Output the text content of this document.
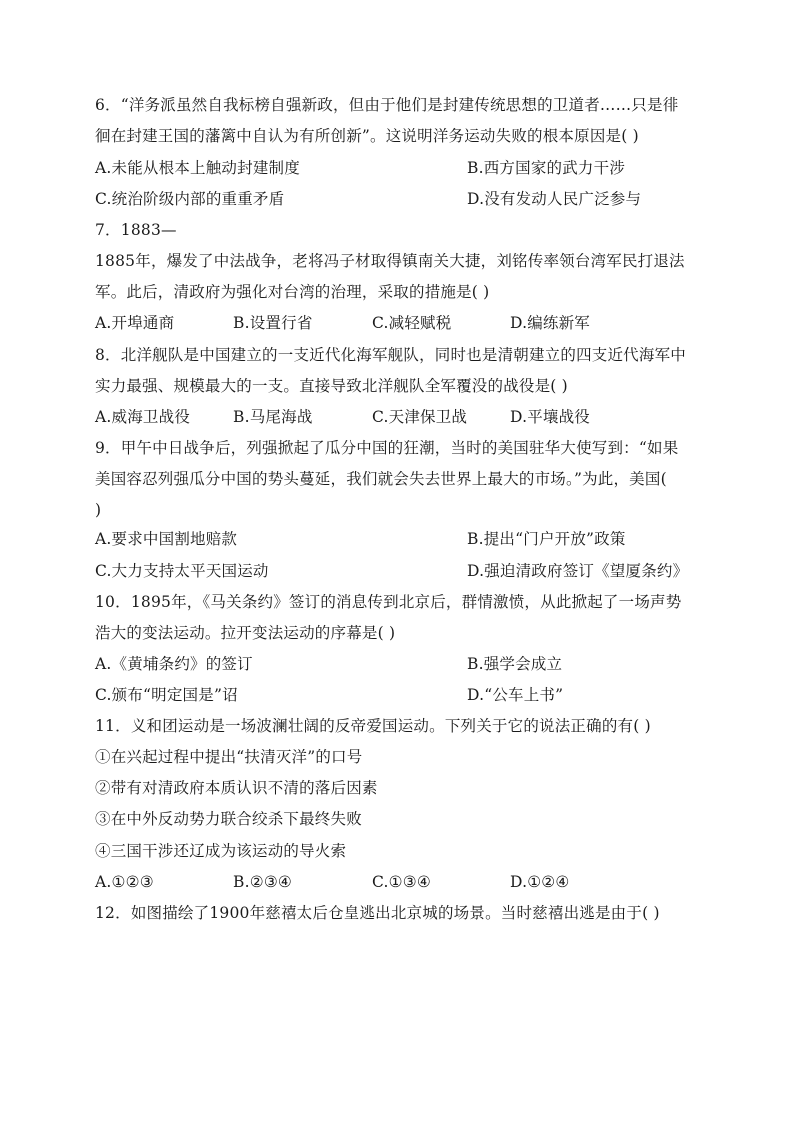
6．“洋务派虽然自我标榜自强新政，但由于他们是封建传统思想的卫道者……只是徘
徊在封建王国的藩篱中自认为有所创新”。这说明洋务运动失败的根本原因是( )
A.未能从根本上触动封建制度	B.西方国家的武力干涉
C.统治阶级内部的重重矛盾	D.没有发动人民广泛参与
7．1883—
1885年，爆发了中法战争，老将冯子材取得镇南关大捷，刘铭传率领台湾军民打退法
军。此后，清政府为强化对台湾的治理，采取的措施是( )
A.开埠通商	B.设置行省	C.减轻赋税	D.编练新军
8．北洋舰队是中国建立的一支近代化海军舰队，同时也是清朝建立的四支近代海军中
实力最强、规模最大的一支。直接导致北洋舰队全军覆没的战役是( )
A.威海卫战役	B.马尾海战	C.天津保卫战	D.平壤战役
9．甲午中日战争后，列强掀起了瓜分中国的狂潮，当时的美国驻华大使写到：“如果
美国容忍列强瓜分中国的势头蔓延，我们就会失去世界上最大的市场。”为此，美国(
)
A.要求中国割地赔款	B.提出“门户开放”政策
C.大力支持太平天国运动	D.强迫清政府签订《望厦条约》
10．1895年，《马关条约》签订的消息传到北京后，群情激愤，从此掀起了一场声势
浩大的变法运动。拉开变法运动的序幕是( )
A.《黄埔条约》的签订	B.强学会成立
C.颁布“明定国是”诏	D.“公车上书”
11．义和团运动是一场波澜壮阔的反帝爱国运动。下列关于它的说法正确的有( )
①在兴起过程中提出“扶清灭洋”的口号
②带有对清政府本质认识不清的落后因素
③在中外反动势力联合绞杀下最终失败
④三国干涉还辽成为该运动的导火索
A.①②③	B.②③④	C.①③④	D.①②④
12．如图描绘了1900年慈禧太后仓皇逃出北京城的场景。当时慈禧出逃是由于( )
